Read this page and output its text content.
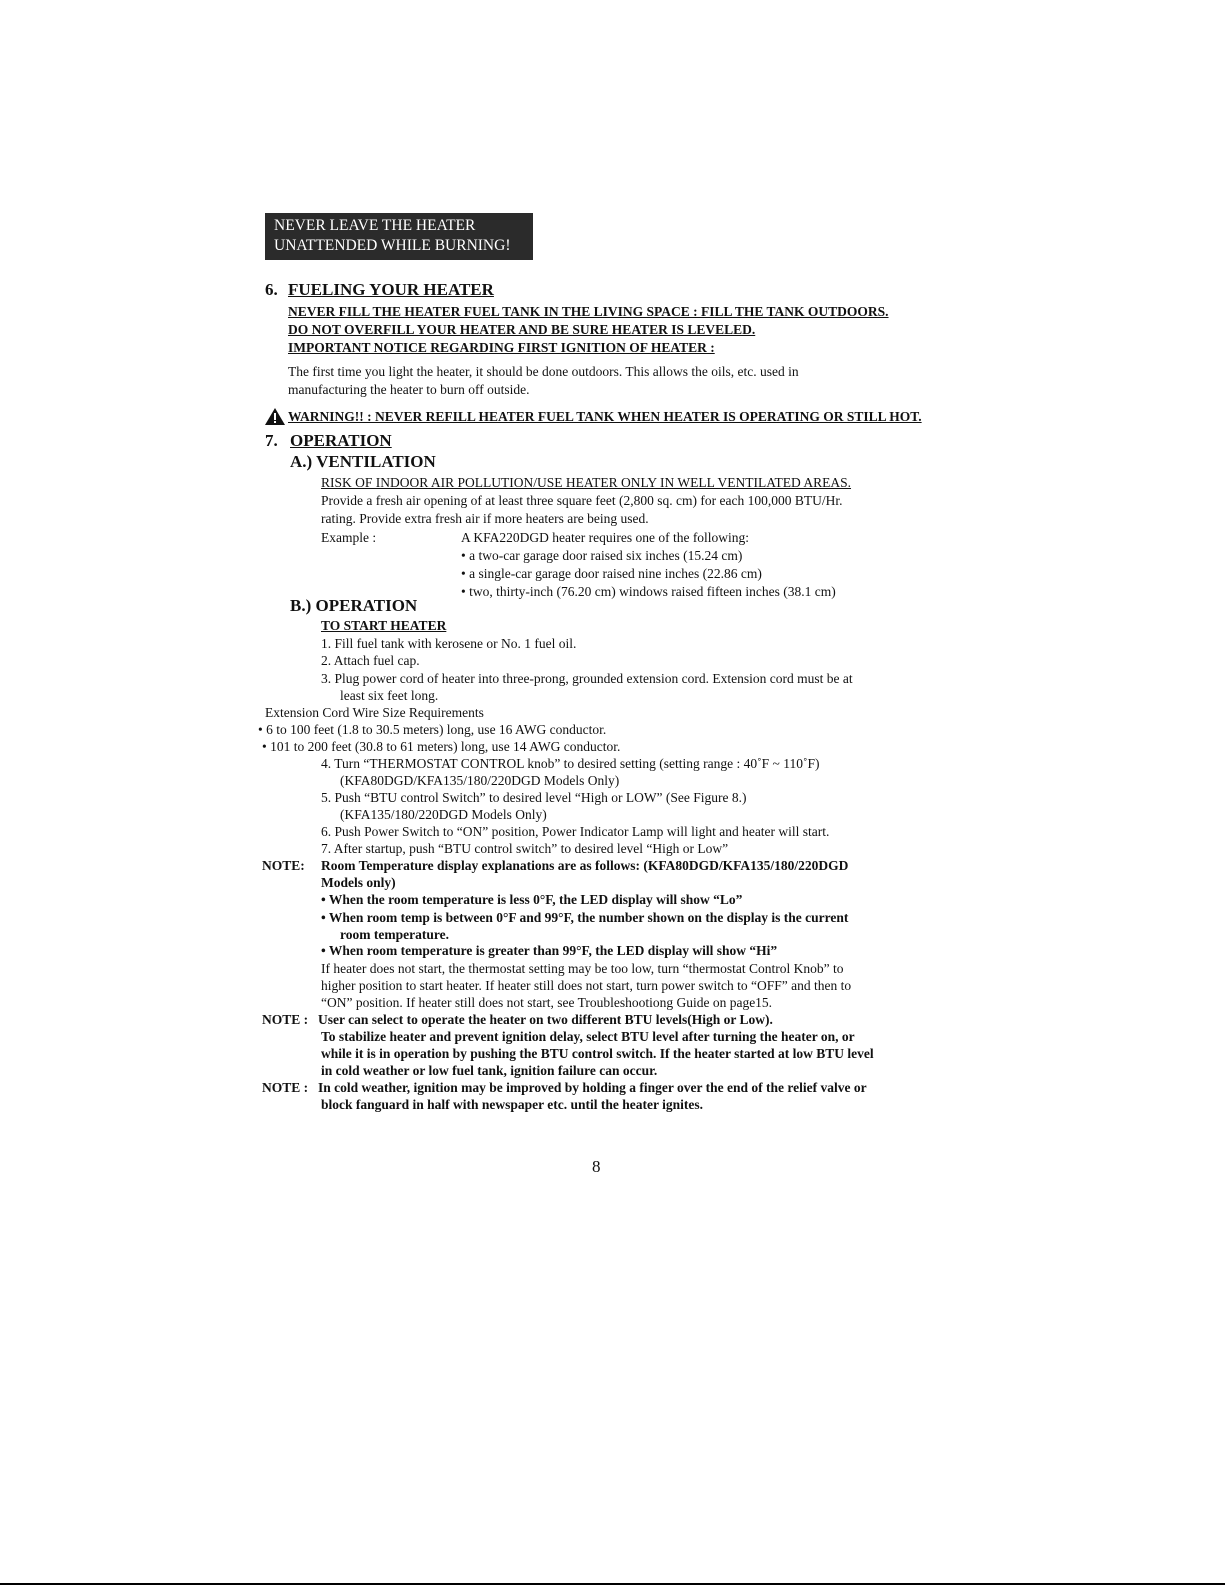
NEVER LEAVE THE HEATER
UNATTENDED WHILE BURNING!
6. FUELING YOUR HEATER
NEVER FILL THE HEATER FUEL TANK IN THE LIVING SPACE : FILL THE TANK OUTDOORS.
DO NOT OVERFILL YOUR HEATER AND BE SURE HEATER IS LEVELED.
IMPORTANT NOTICE REGARDING FIRST IGNITION OF HEATER :
The first time you light the heater, it should be done outdoors. This allows the oils, etc. used in
manufacturing the heater to burn off outside.
WARNING!! : NEVER REFILL HEATER FUEL TANK WHEN HEATER IS OPERATING OR STILL HOT.
7. OPERATION
A.) VENTILATION
RISK OF INDOOR AIR POLLUTION/USE HEATER ONLY IN WELL VENTILATED AREAS.
Provide a fresh air opening of at least three square feet (2,800 sq. cm) for each 100,000 BTU/Hr.
rating. Provide extra fresh air if more heaters are being used.
Example :	A KFA220DGD heater requires one of the following:
• a two-car garage door raised six inches (15.24 cm)
• a single-car garage door raised nine inches (22.86 cm)
• two, thirty-inch (76.20 cm) windows raised fifteen inches (38.1 cm)
B.) OPERATION
TO START HEATER
1. Fill fuel tank with kerosene or No. 1 fuel oil.
2. Attach fuel cap.
3. Plug power cord of heater into three-prong, grounded extension cord. Extension cord must be at
least six feet long.
Extension Cord Wire Size Requirements
• 6 to 100 feet (1.8 to 30.5 meters) long, use 16 AWG conductor.
• 101 to 200 feet (30.8 to 61 meters) long, use 14 AWG conductor.
4. Turn “THERMOSTAT CONTROL knob” to desired setting (setting range : 40˚F ~ 110˚F)
(KFA80DGD/KFA135/180/220DGD Models Only)
5. Push “BTU control Switch” to desired level “High or LOW” (See Figure 8.)
(KFA135/180/220DGD Models Only)
6. Push Power Switch to “ON” position, Power Indicator Lamp will light and heater will start.
7. After startup, push “BTU control switch” to desired level “High or Low”
NOTE: Room Temperature display explanations are as follows: (KFA80DGD/KFA135/180/220DGD
Models only)
• When the room temperature is less 0°F, the LED display will show “Lo”
• When room temp is between 0°F and 99°F, the number shown on the display is the current
room temperature.
• When room temperature is greater than 99°F, the LED display will show “Hi”
If heater does not start, the thermostat setting may be too low, turn “thermostat Control Knob” to
higher position to start heater. If heater still does not start, turn power switch to “OFF” and then to
“ON” position. If heater still does not start, see Troubleshootiong Guide on page15.
NOTE : User can select to operate the heater on two different BTU levels(High or Low).
To stabilize heater and prevent ignition delay, select BTU level after turning the heater on, or
while it is in operation by pushing the BTU control switch. If the heater started at low BTU level
in cold weather or low fuel tank, ignition failure can occur.
NOTE : In cold weather, ignition may be improved by holding a finger over the end of the relief valve or
block fanguard in half with newspaper etc. until the heater ignites.
8
